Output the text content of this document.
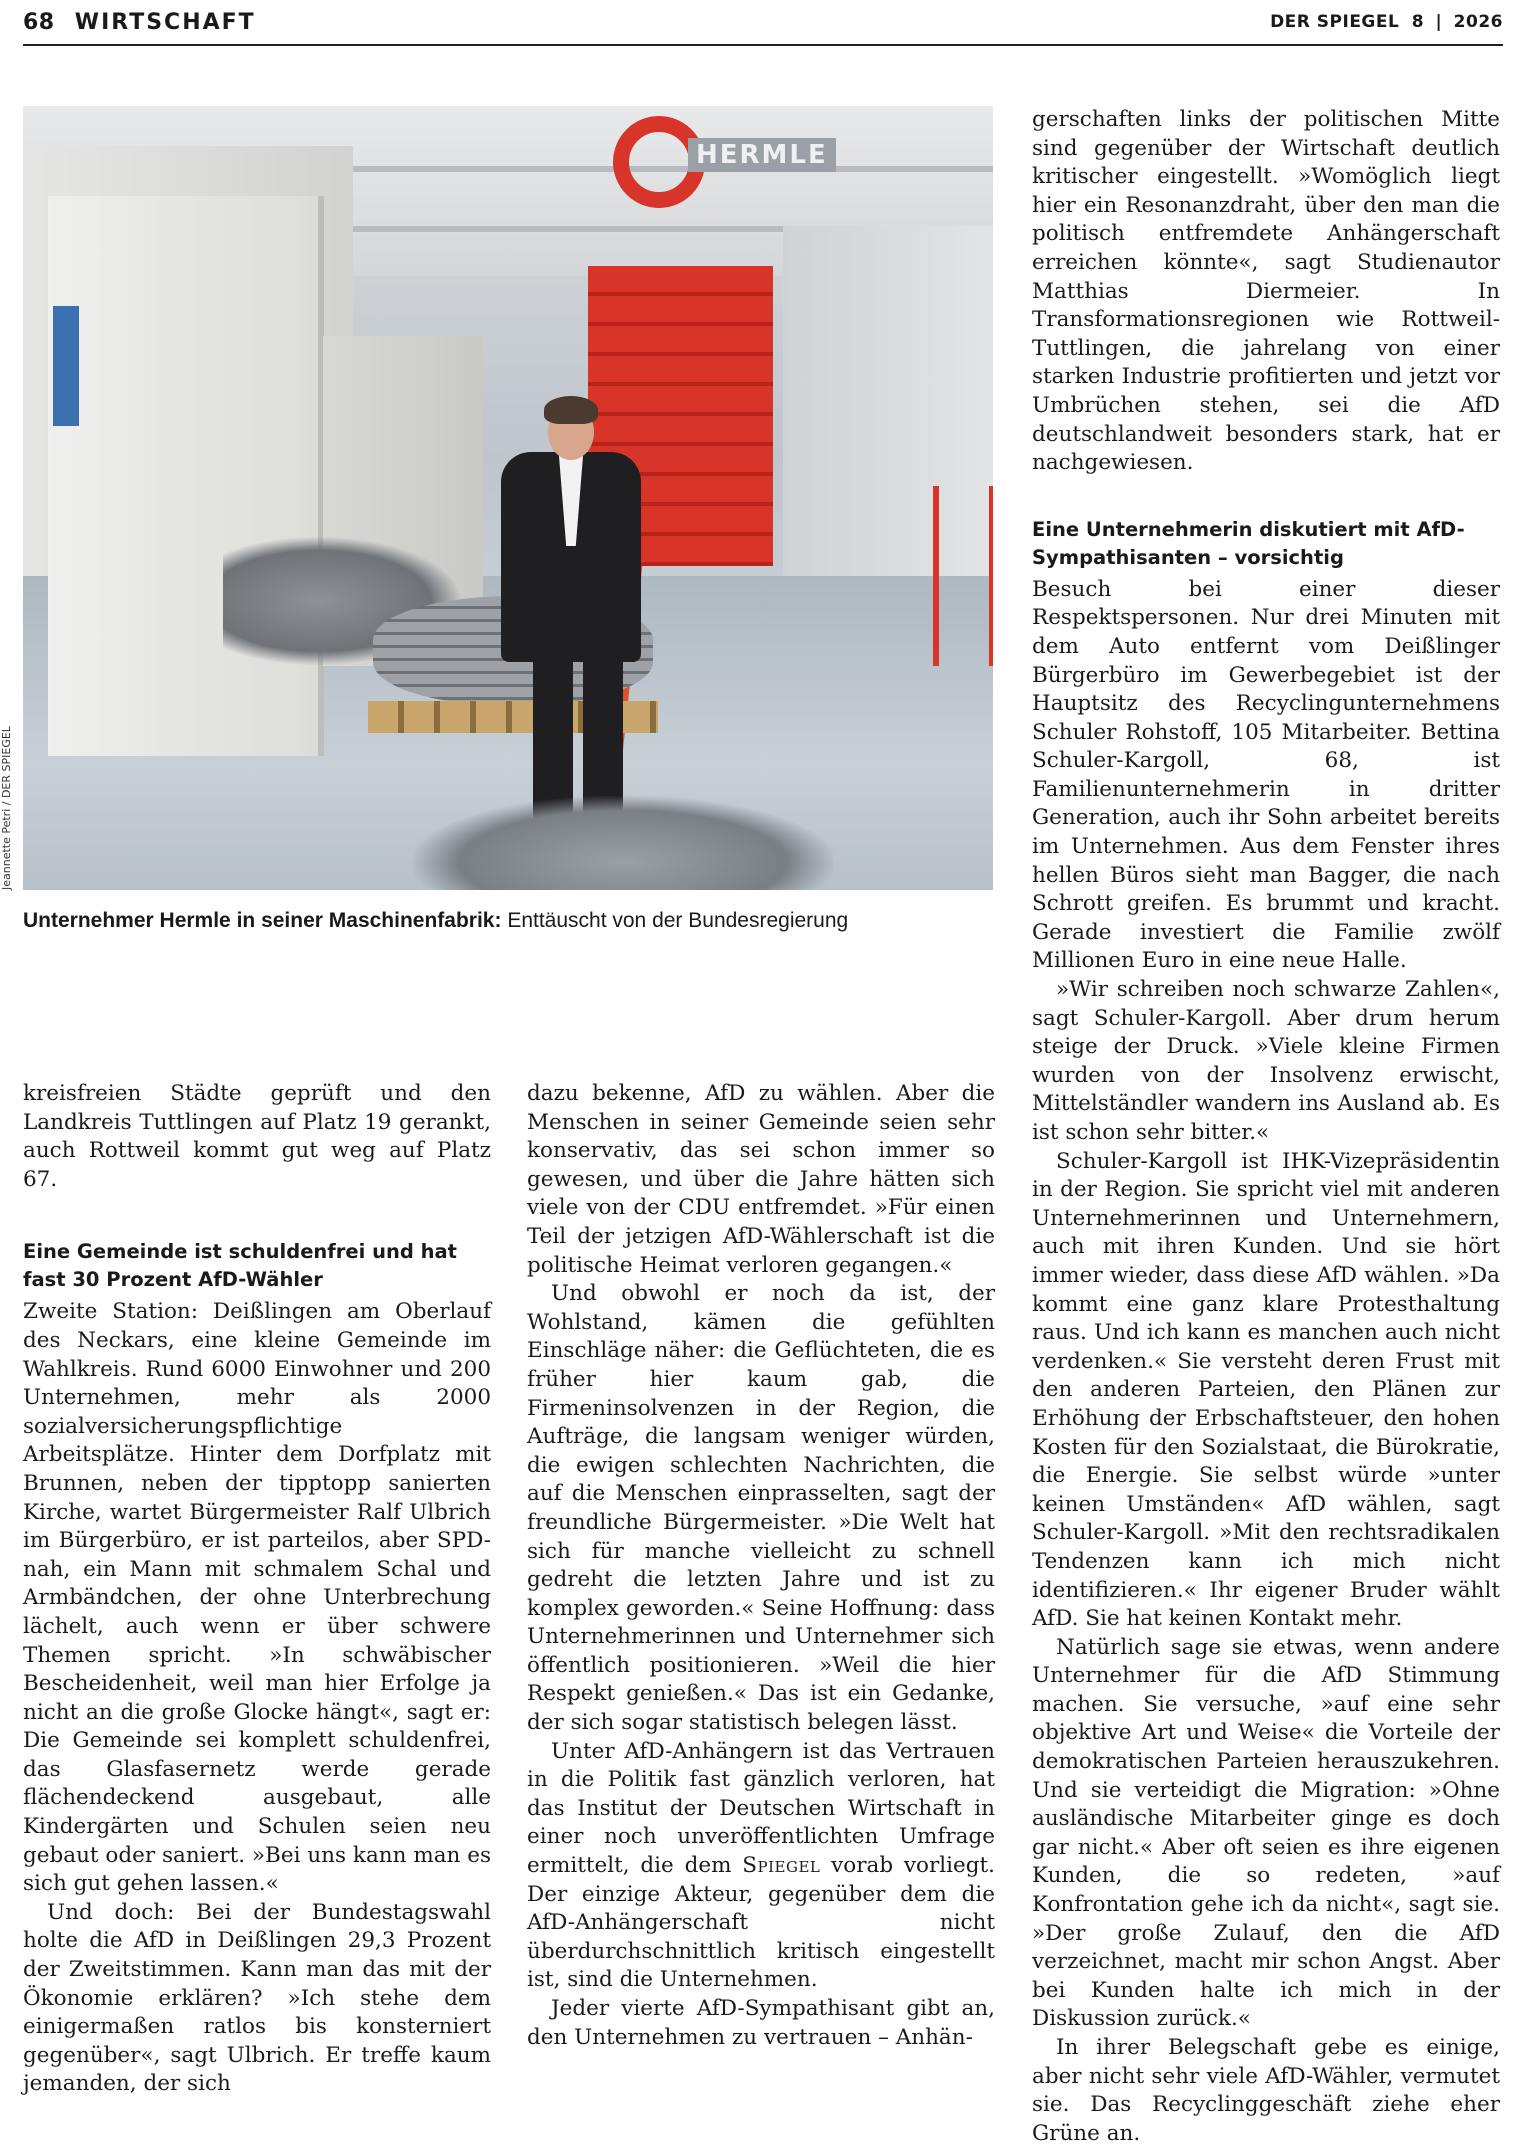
68 WIRTSCHAFT	DER SPIEGEL 8 | 2026
HERMLE
Jeannette Petri / DER SPIEGEL
Unternehmer Hermle in seiner Maschinenfabrik: Enttäuscht von der Bundesregierung

kreisfreien Städte geprüft und den Landkreis Tuttlingen auf Platz 19 gerankt, auch Rottweil kommt gut weg auf Platz 67.

Eine Gemeinde ist schuldenfrei und hat fast 30 Prozent AfD-Wähler

Zweite Station: Deißlingen am Oberlauf des Neckars, eine kleine Gemeinde im Wahlkreis. Rund 6000 Einwohner und 200 Unternehmen, mehr als 2000 sozialversicherungspflichtige Arbeitsplätze. Hinter dem Dorfplatz mit Brunnen, neben der tipptopp sanierten Kirche, wartet Bürgermeister Ralf Ulbrich im Bürgerbüro, er ist parteilos, aber SPD-nah, ein Mann mit schmalem Schal und Armbändchen, der ohne Unterbrechung lächelt, auch wenn er über schwere Themen spricht. »In schwäbischer Bescheidenheit, weil man hier Erfolge ja nicht an die große Glocke hängt«, sagt er: Die Gemeinde sei komplett schuldenfrei, das Glasfasernetz werde gerade flächendeckend ausgebaut, alle Kindergärten und Schulen seien neu gebaut oder saniert. »Bei uns kann man es sich gut gehen lassen.«

Und doch: Bei der Bundestagswahl holte die AfD in Deißlingen 29,3 Prozent der Zweitstimmen. Kann man das mit der Ökonomie erklären? »Ich stehe dem einigermaßen ratlos bis konsterniert gegenüber«, sagt Ulbrich. Er treffe kaum jemanden, der sich

dazu bekenne, AfD zu wählen. Aber die Menschen in seiner Gemeinde seien sehr konservativ, das sei schon immer so gewesen, und über die Jahre hätten sich viele von der CDU entfremdet. »Für einen Teil der jetzigen AfD-Wählerschaft ist die politische Heimat verloren gegangen.«

Und obwohl er noch da ist, der Wohlstand, kämen die gefühlten Einschläge näher: die Geflüchteten, die es früher hier kaum gab, die Firmeninsolvenzen in der Region, die Aufträge, die langsam weniger würden, die ewigen schlechten Nachrichten, die auf die Menschen einprasselten, sagt der freundliche Bürgermeister. »Die Welt hat sich für manche vielleicht zu schnell gedreht die letzten Jahre und ist zu komplex geworden.« Seine Hoffnung: dass Unternehmerinnen und Unternehmer sich öffentlich positionieren. »Weil die hier Respekt genießen.« Das ist ein Gedanke, der sich sogar statistisch belegen lässt.

Unter AfD-Anhängern ist das Vertrauen in die Politik fast gänzlich verloren, hat das Institut der Deutschen Wirtschaft in einer noch unveröffentlichten Umfrage ermittelt, die dem Spiegel vorab vorliegt. Der einzige Akteur, gegenüber dem die AfD-Anhängerschaft nicht überdurchschnittlich kritisch eingestellt ist, sind die Unternehmen.

Jeder vierte AfD-Sympathisant gibt an, den Unternehmen zu vertrauen – Anhän-

gerschaften links der politischen Mitte sind gegenüber der Wirtschaft deutlich kritischer eingestellt. »Womöglich liegt hier ein Resonanzdraht, über den man die politisch entfremdete Anhängerschaft erreichen könnte«, sagt Studienautor Matthias Diermeier. In Transformationsregionen wie Rottweil-Tuttlingen, die jahrelang von einer starken Industrie profitierten und jetzt vor Umbrüchen stehen, sei die AfD deutschlandweit besonders stark, hat er nachgewiesen.

Eine Unternehmerin diskutiert mit AfD-Sympathisanten – vorsichtig

Besuch bei einer dieser Respektspersonen. Nur drei Minuten mit dem Auto entfernt vom Deißlinger Bürgerbüro im Gewerbegebiet ist der Hauptsitz des Recyclingunternehmens Schuler Rohstoff, 105 Mitarbeiter. Bettina Schuler-Kargoll, 68, ist Familienunternehmerin in dritter Generation, auch ihr Sohn arbeitet bereits im Unternehmen. Aus dem Fenster ihres hellen Büros sieht man Bagger, die nach Schrott greifen. Es brummt und kracht. Gerade investiert die Familie zwölf Millionen Euro in eine neue Halle.

»Wir schreiben noch schwarze Zahlen«, sagt Schuler-Kargoll. Aber drum herum steige der Druck. »Viele kleine Firmen wurden von der Insolvenz erwischt, Mittelständler wandern ins Ausland ab. Es ist schon sehr bitter.«

Schuler-Kargoll ist IHK-Vizepräsidentin in der Region. Sie spricht viel mit anderen Unternehmerinnen und Unternehmern, auch mit ihren Kunden. Und sie hört immer wieder, dass diese AfD wählen. »Da kommt eine ganz klare Protesthaltung raus. Und ich kann es manchen auch nicht verdenken.« Sie versteht deren Frust mit den anderen Parteien, den Plänen zur Erhöhung der Erbschaftsteuer, den hohen Kosten für den Sozialstaat, die Bürokratie, die Energie. Sie selbst würde »unter keinen Umständen« AfD wählen, sagt Schuler-Kargoll. »Mit den rechtsradikalen Tendenzen kann ich mich nicht identifizieren.« Ihr eigener Bruder wählt AfD. Sie hat keinen Kontakt mehr.

Natürlich sage sie etwas, wenn andere Unternehmer für die AfD Stimmung machen. Sie versuche, »auf eine sehr objektive Art und Weise« die Vorteile der demokratischen Parteien herauszukehren. Und sie verteidigt die Migration: »Ohne ausländische Mitarbeiter ginge es doch gar nicht.« Aber oft seien es ihre eigenen Kunden, die so redeten, »auf Konfrontation gehe ich da nicht«, sagt sie. »Der große Zulauf, den die AfD verzeichnet, macht mir schon Angst. Aber bei Kunden halte ich mich in der Diskussion zurück.«

In ihrer Belegschaft gebe es einige, aber nicht sehr viele AfD-Wähler, vermutet sie. Das Recyclinggeschäft ziehe eher Grüne an.
